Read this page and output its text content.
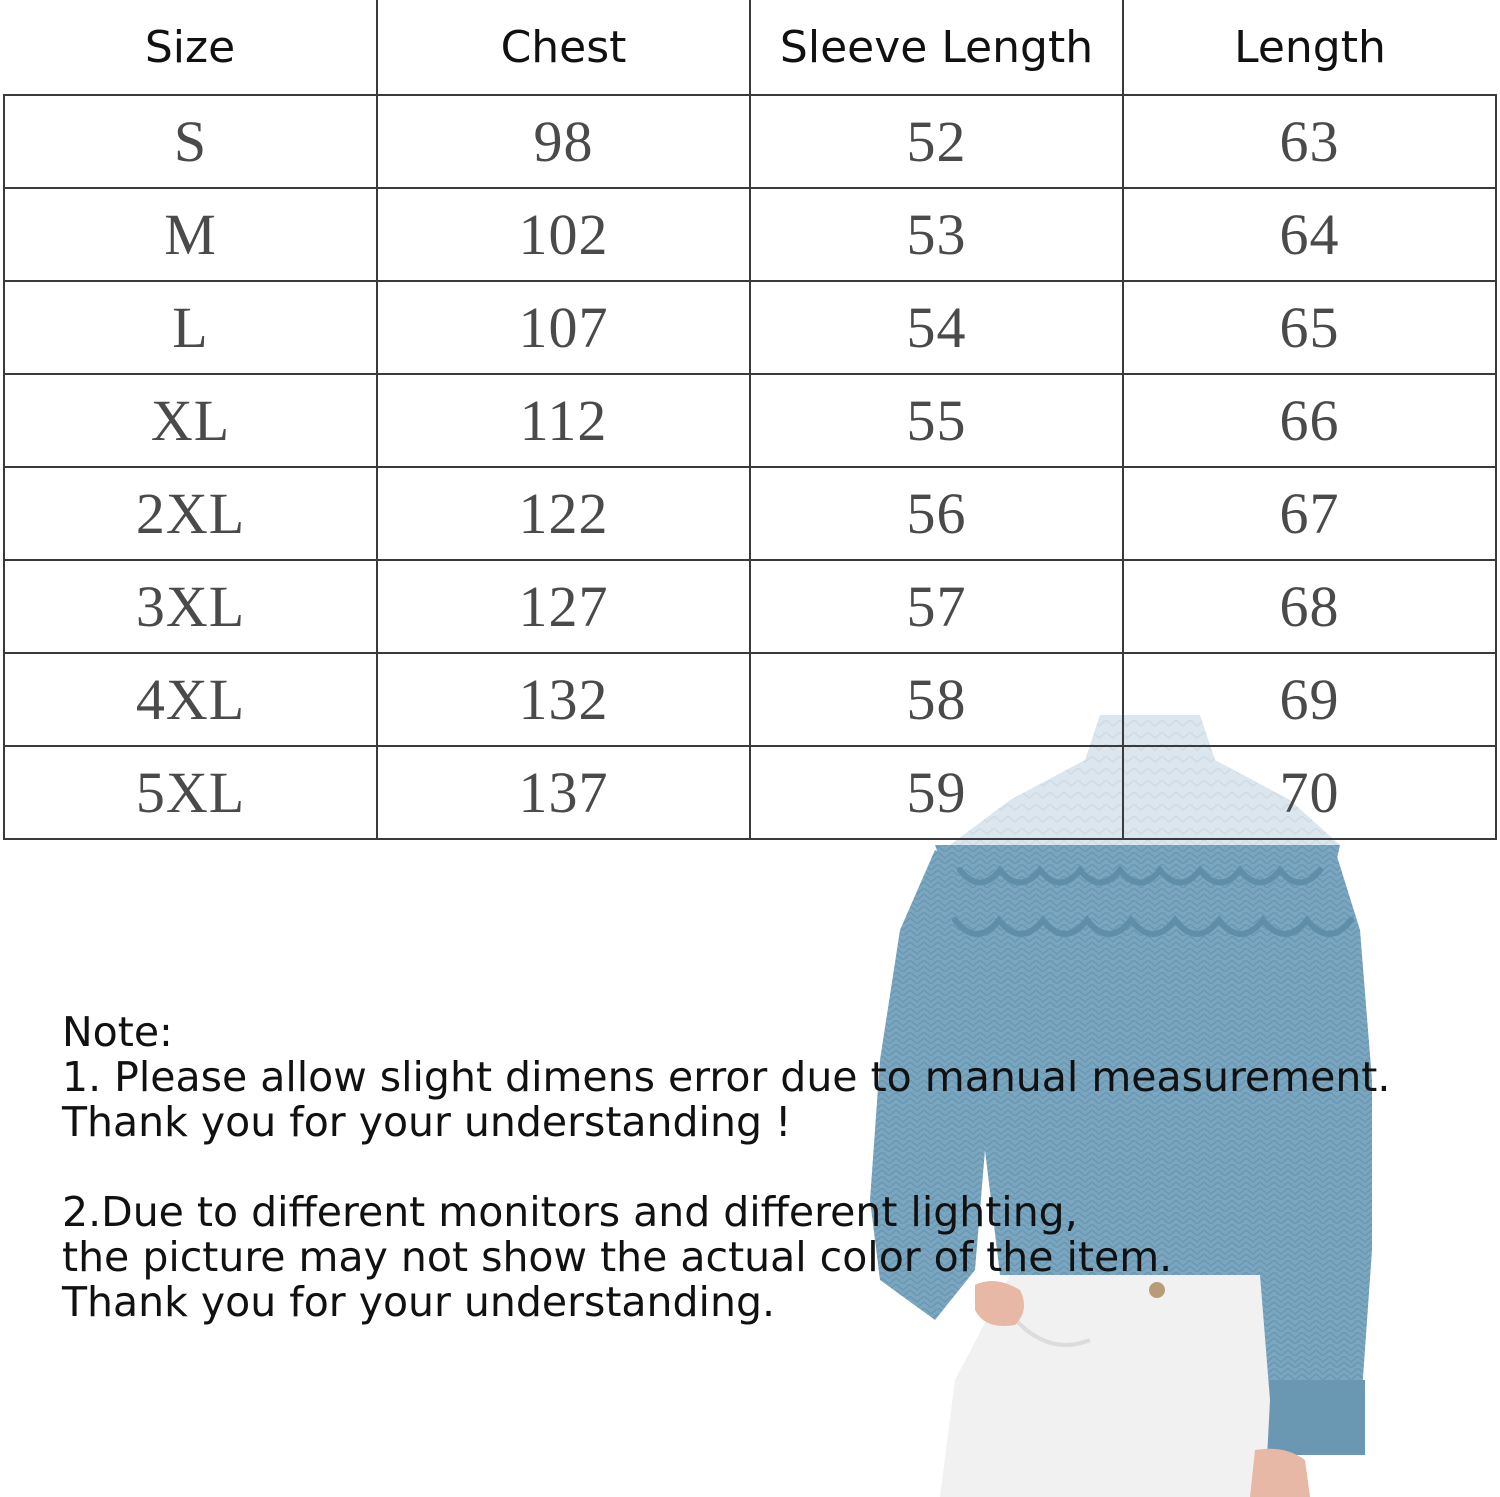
Size	Chest	Sleeve Length	Length
S	98	52	63
M	102	53	64
L	107	54	65
XL	112	55	66
2XL	122	56	67
3XL	127	57	68
4XL	132	58	69
5XL	137	59	70
Note:
1. Please allow slight dimens error due to manual measurement.
Thank you for your understanding !
2.Due to different monitors and different lighting,
the picture may not show the actual color of the item.
Thank you for your understanding.
